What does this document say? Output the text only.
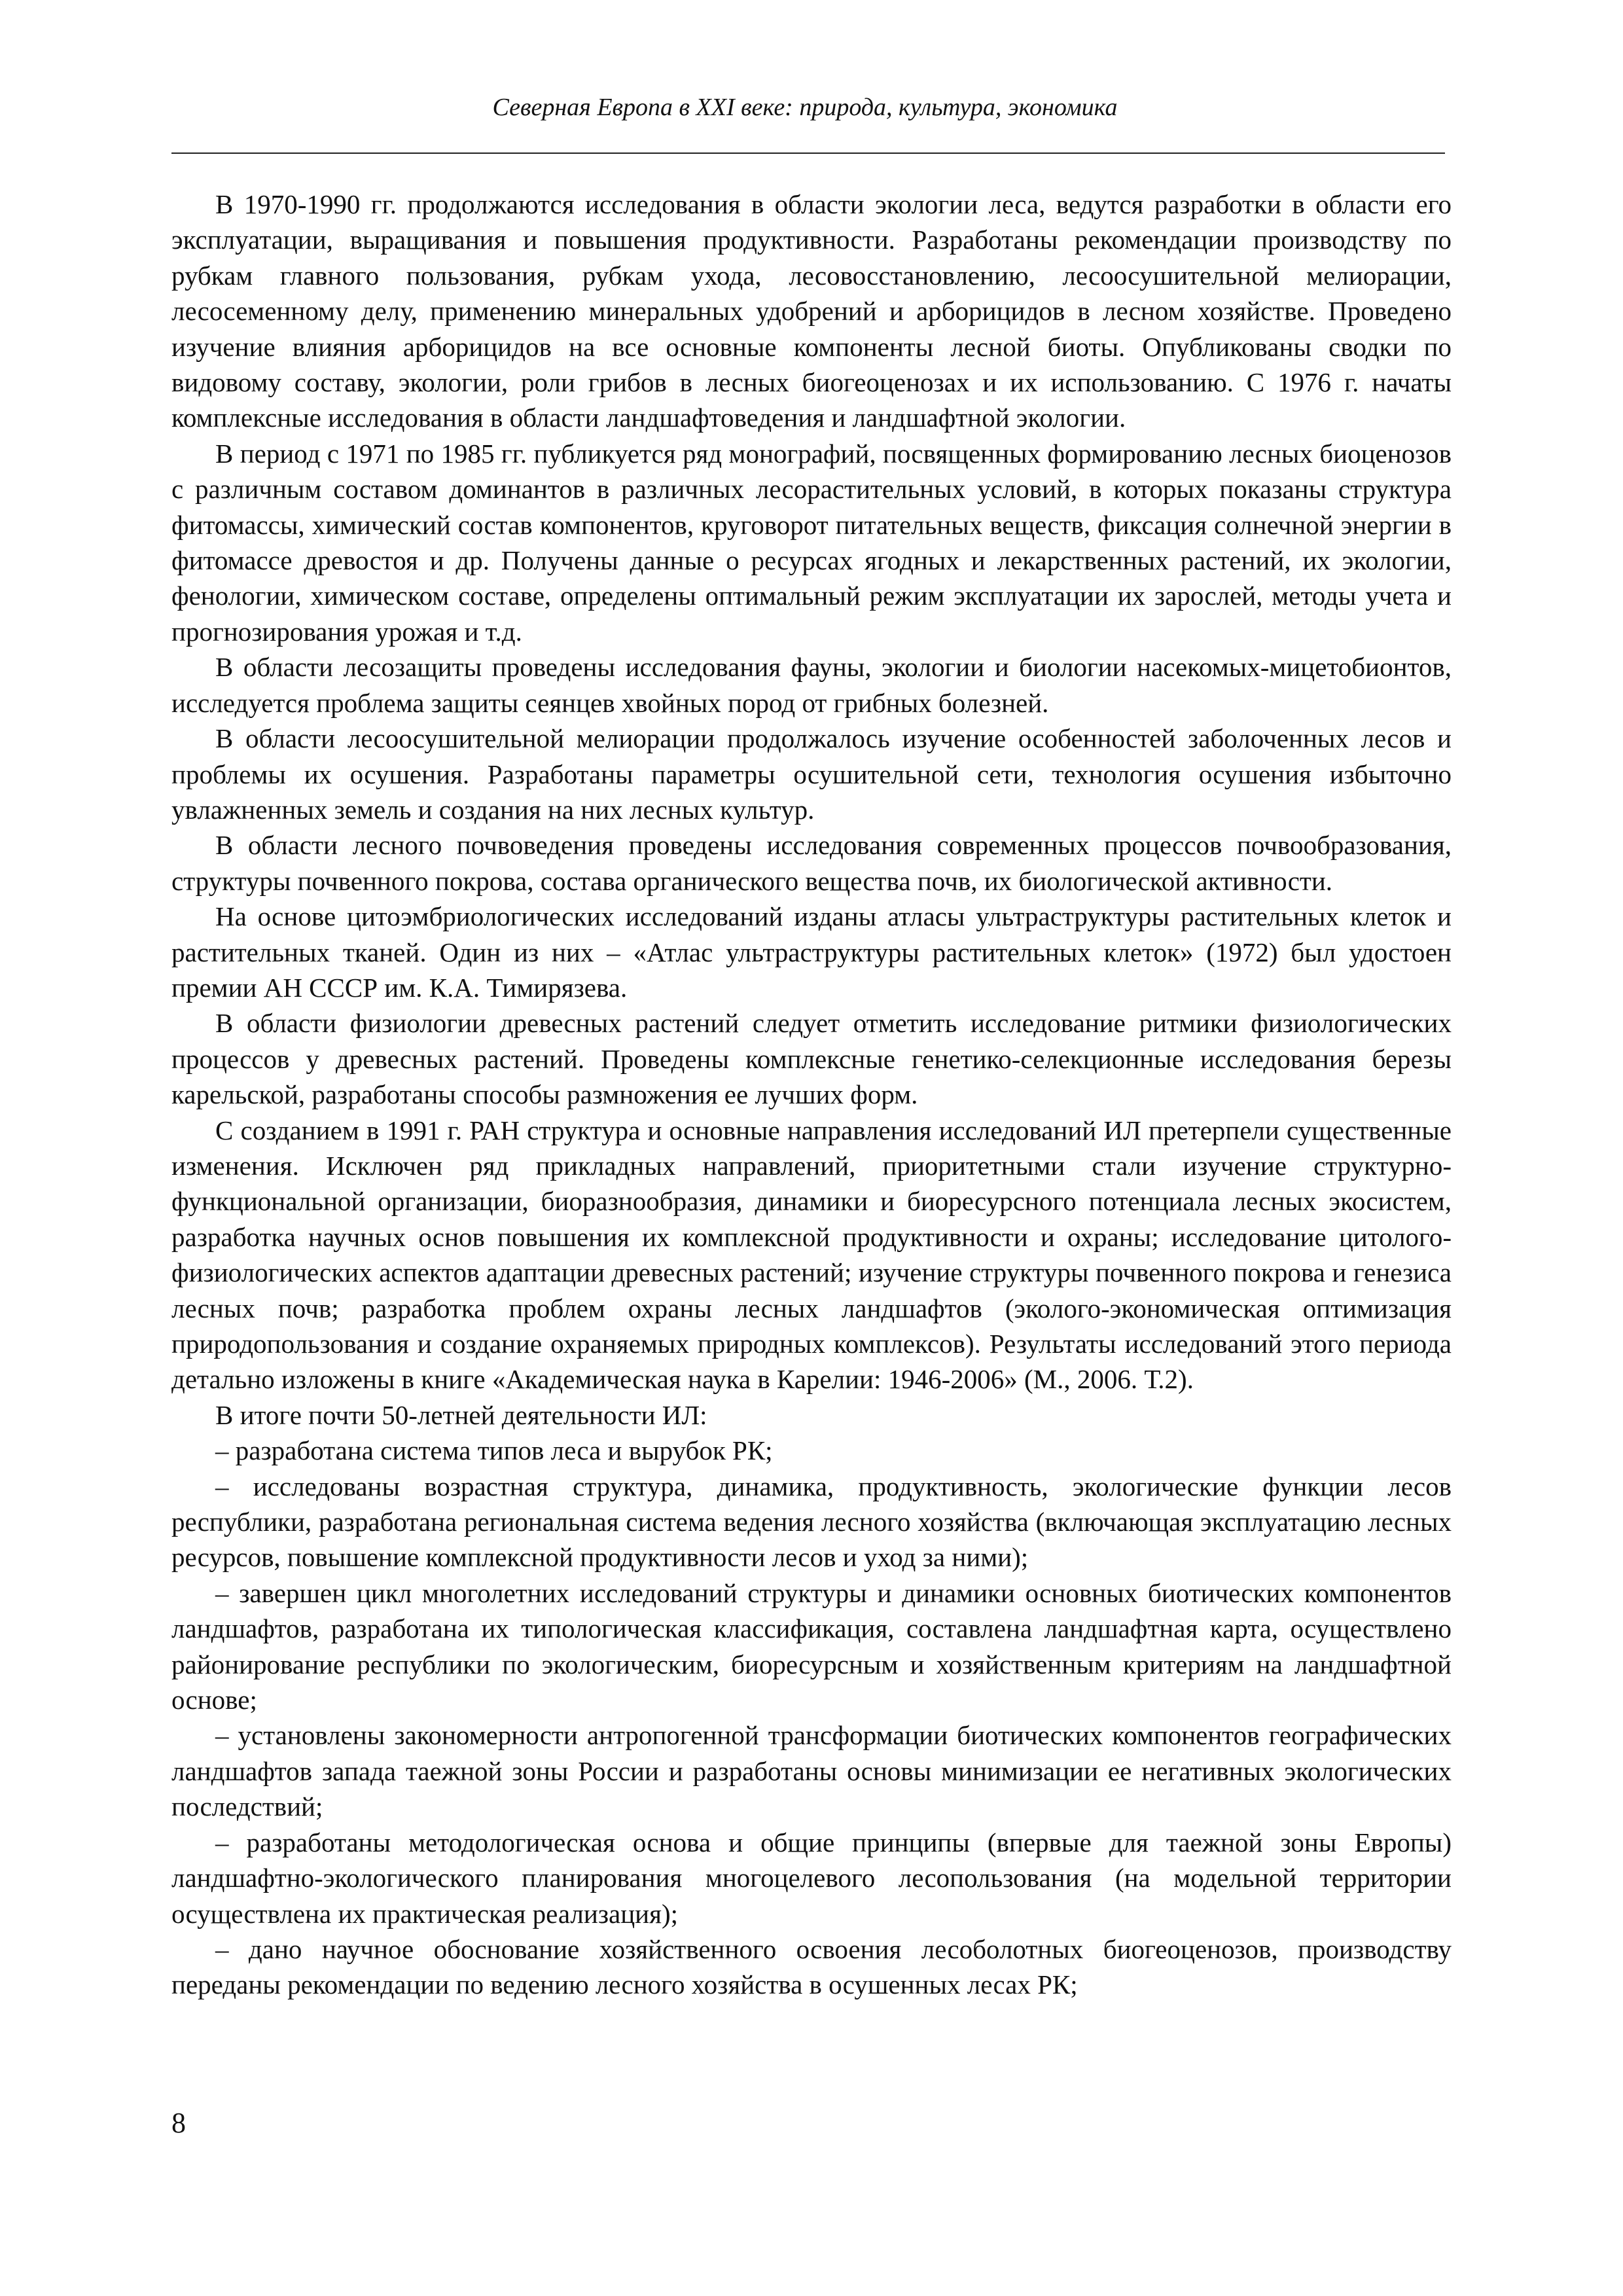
Северная Европа в XXI веке: природа, культура, экономика

В 1970-1990 гг. продолжаются исследования в области экологии леса, ведутся разработки в области его эксплуатации, выращивания и повышения продуктивности. Разработаны рекомендации производству по рубкам главного пользования, рубкам ухода, лесовосстановлению, лесоосушительной мелиорации, лесосеменному делу, применению минеральных удобрений и арборицидов в лесном хозяйстве. Проведено изучение влияния арборицидов на все основные компоненты лесной биоты. Опубликованы сводки по видовому составу, экологии, роли грибов в лесных биогеоценозах и их использованию. С 1976 г. начаты комплексные исследования в области ландшафтоведения и ландшафтной экологии.

В период с 1971 по 1985 гг. публикуется ряд монографий, посвященных формированию лесных биоценозов с различным составом доминантов в различных лесорастительных условий, в которых показаны структура фитомассы, химический состав компонентов, круговорот питательных веществ, фиксация солнечной энергии в фитомассе древостоя и др. Получены данные о ресурсах ягодных и лекарственных растений, их экологии, фенологии, химическом составе, определены оптимальный режим эксплуатации их зарослей, методы учета и прогнозирования урожая и т.д.

В области лесозащиты проведены исследования фауны, экологии и биологии насекомых-мицетобионтов, исследуется проблема защиты сеянцев хвойных пород от грибных болезней.

В области лесоосушительной мелиорации продолжалось изучение особенностей заболоченных лесов и проблемы их осушения. Разработаны параметры осушительной сети, технология осушения избыточно увлажненных земель и создания на них лесных культур.

В области лесного почвоведения проведены исследования современных процессов почвообразования, структуры почвенного покрова, состава органического вещества почв, их биологической активности.

На основе цитоэмбриологических исследований изданы атласы ультраструктуры растительных клеток и растительных тканей. Один из них – «Атлас ультраструктуры растительных клеток» (1972) был удостоен премии АН СССР им. К.А. Тимирязева.

В области физиологии древесных растений следует отметить исследование ритмики физиологических процессов у древесных растений. Проведены комплексные генетико-селекционные исследования березы карельской, разработаны способы размножения ее лучших форм.

С созданием в 1991 г. РАН структура и основные направления исследований ИЛ претерпели существенные изменения. Исключен ряд прикладных направлений, приоритетными стали изучение структурно-функциональной организации, биоразнообразия, динамики и биоресурсного потенциала лесных экосистем, разработка научных основ повышения их комплексной продуктивности и охраны; исследование цитолого-физиологических аспектов адаптации древесных растений; изучение структуры почвенного покрова и генезиса лесных почв; разработка проблем охраны лесных ландшафтов (эколого-экономическая оптимизация природопользования и создание охраняемых природных комплексов). Результаты исследований этого периода детально изложены в книге «Академическая наука в Карелии: 1946-2006» (М., 2006. Т.2).

В итоге почти 50-летней деятельности ИЛ:

– разработана система типов леса и вырубок РК;

– исследованы возрастная структура, динамика, продуктивность, экологические функции лесов республики, разработана региональная система ведения лесного хозяйства (включающая эксплуатацию лесных ресурсов, повышение комплексной продуктивности лесов и уход за ними);

– завершен цикл многолетних исследований структуры и динамики основных биотических компонентов ландшафтов, разработана их типологическая классификация, составлена ландшафтная карта, осуществлено районирование республики по экологическим, биоресурсным и хозяйственным критериям на ландшафтной основе;

– установлены закономерности антропогенной трансформации биотических компонентов географических ландшафтов запада таежной зоны России и разработаны основы минимизации ее негативных экологических последствий;

– разработаны методологическая основа и общие принципы (впервые для таежной зоны Европы) ландшафтно-экологического планирования многоцелевого лесопользования (на модельной территории осуществлена их практическая реализация);

– дано научное обоснование хозяйственного освоения лесоболотных биогеоценозов, производству переданы рекомендации по ведению лесного хозяйства в осушенных лесах РК;

8
